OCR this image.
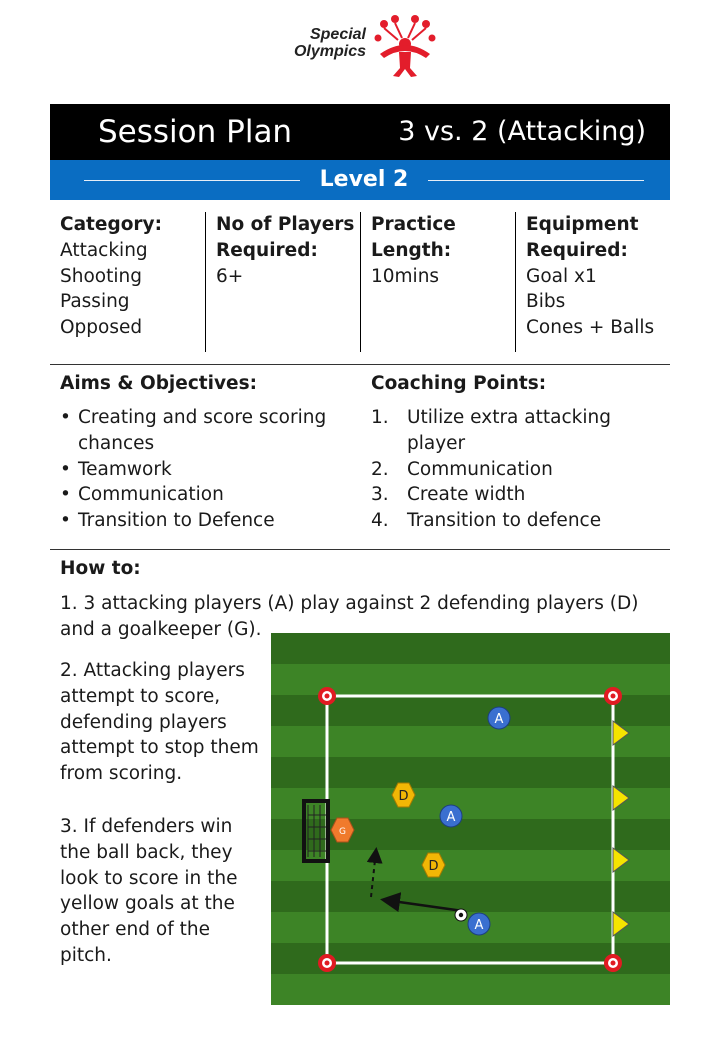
Special
Olympics
Session Plan	3 vs. 2 (Attacking)
Level 2
Category:
Attacking
Shooting
Passing
Opposed
No of Players
Required:
6+
Practice
Length:
10mins
Equipment
Required:
Goal x1
Bibs
Cones + Balls
Aims & Objectives:
• Creating and score scoring chances
• Teamwork
• Communication
• Transition to Defence
Coaching Points:
1. Utilize extra attacking player
2. Communication
3. Create width
4. Transition to defence
How to:
1. 3 attacking players (A) play against 2 defending players (D) and a goalkeeper (G).
2. Attacking players attempt to score, defending players attempt to stop them from scoring.
3. If defenders win the ball back, they look to score in the yellow goals at the other end of the pitch.
A
D
A
G
D
A
